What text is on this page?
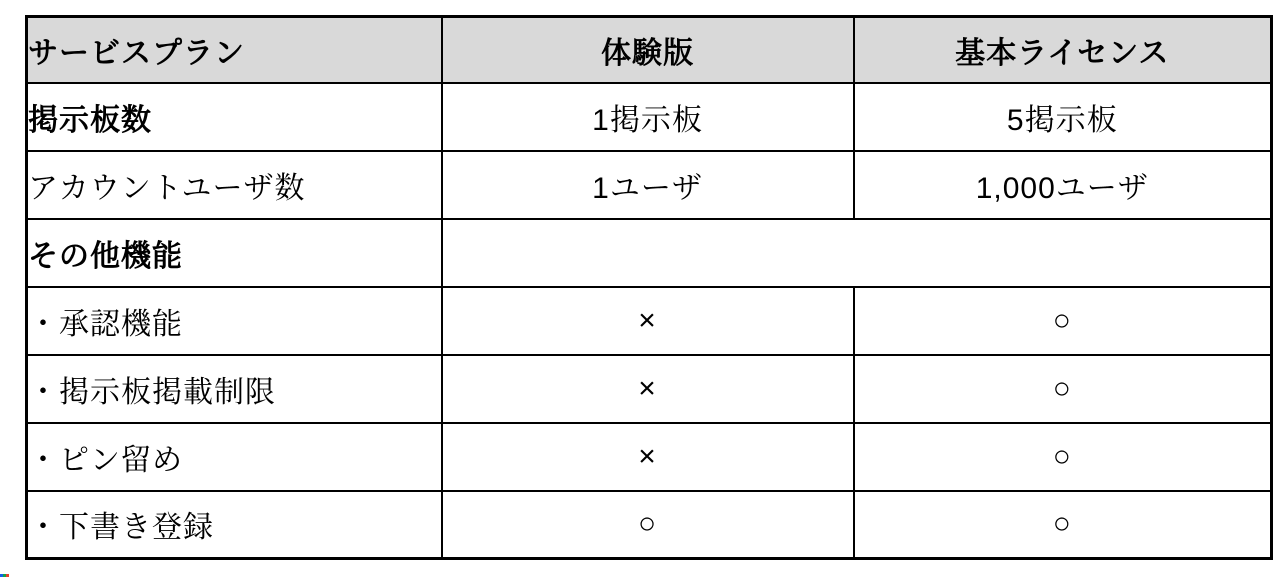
サービスプラン	体験版	基本ライセンス
掲示板数	1掲示板	5掲示板
アカウントユーザ数	1ユーザ	1,000ユーザ
その他機能		
・承認機能	×	○
・掲示板掲載制限	×	○
・ピン留め	×	○
・下書き登録	○	○
